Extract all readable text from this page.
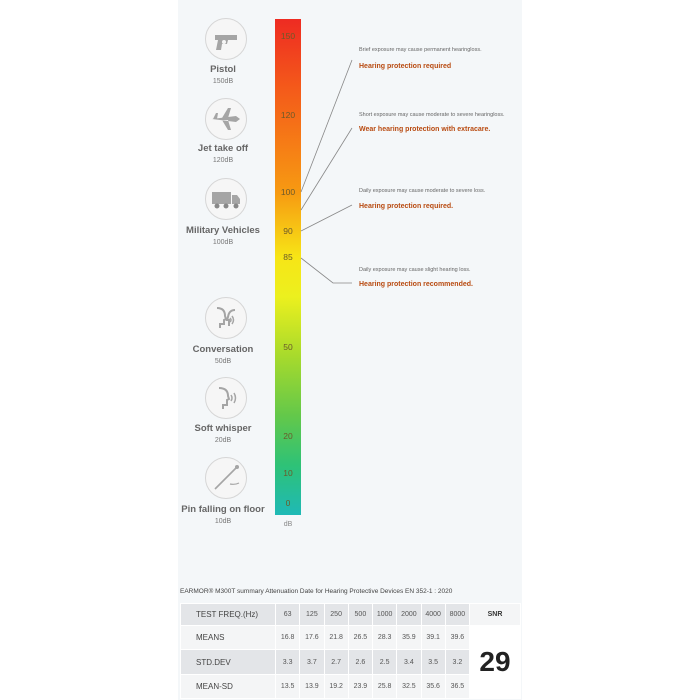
Pistol
150dB
Jet take off
120dB
Military Vehicles
100dB
Conversation
50dB
Soft whisper
20dB
Pin falling on floor
10dB
150
120
100
90
85
50
20
10
0
dB
Brief exposure may cause permanent hearingloss.
Hearing protection required
Short exposure may cause moderate to severe hearingloss.
Wear hearing protection with extracare.
Daily exposure may cause moderate to severe loss.
Hearing protection required.
Daily exposure may cause slight hearing loss.
Hearing protection recommended.
EARMOR® M300T summary Attenuation Date for Hearing Protective Devices EN 352-1 : 2020
TEST FREQ.(Hz)	63	125	250	500	1000	2000	4000	8000	SNR
MEANS	16.8	17.6	21.8	26.5	28.3	35.9	39.1	39.6	29
STD.DEV	3.3	3.7	2.7	2.6	2.5	3.4	3.5	3.2	
MEAN-SD	13.5	13.9	19.2	23.9	25.8	32.5	35.6	36.5	
